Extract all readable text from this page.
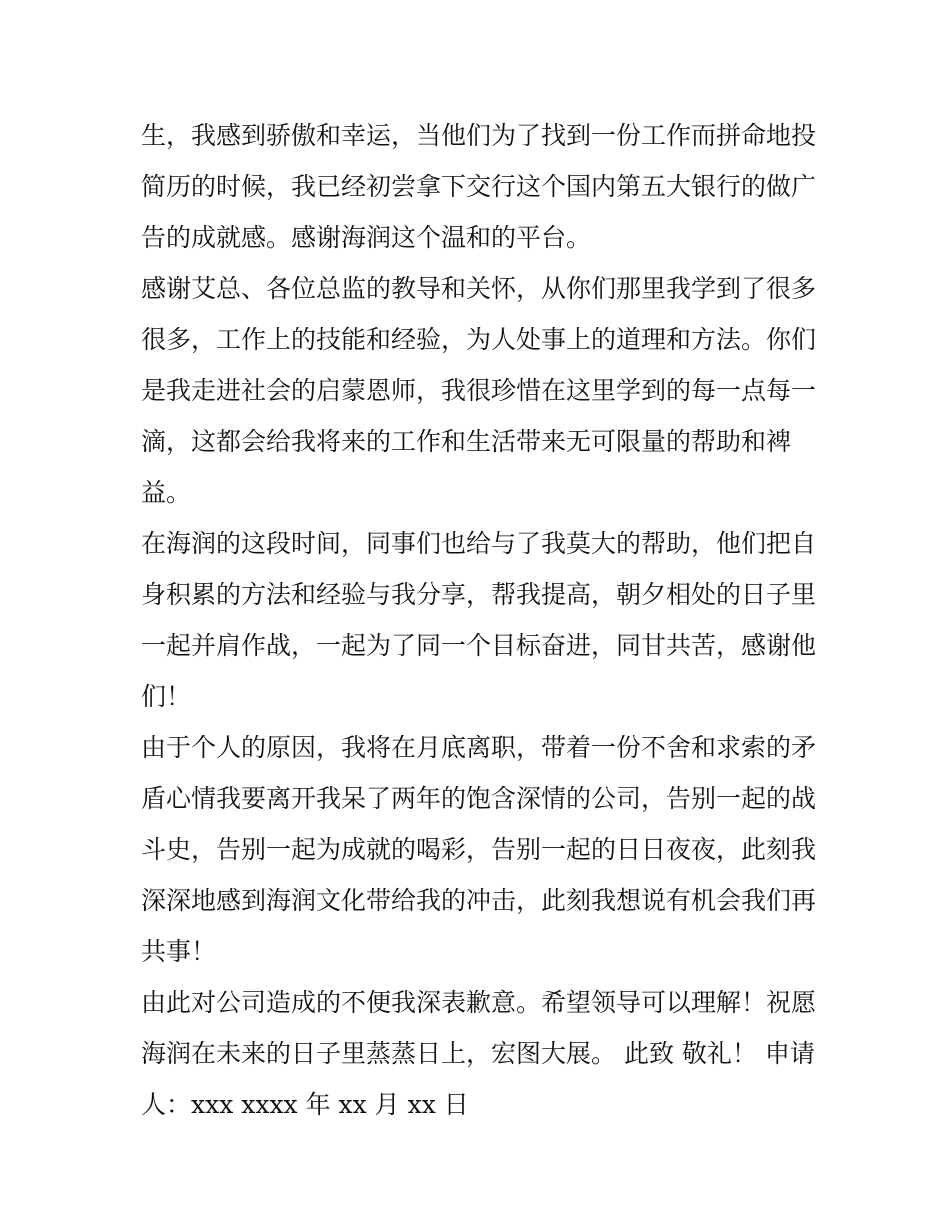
生，我感到骄傲和幸运，当他们为了找到一份工作而拼命地投
简历的时候，我已经初尝拿下交行这个国内第五大银行的做广
告的成就感。感谢海润这个温和的平台。
感谢艾总、各位总监的教导和关怀，从你们那里我学到了很多
很多，工作上的技能和经验，为人处事上的道理和方法。你们
是我走进社会的启蒙恩师，我很珍惜在这里学到的每一点每一
滴，这都会给我将来的工作和生活带来无可限量的帮助和裨
益。
在海润的这段时间，同事们也给与了我莫大的帮助，他们把自
身积累的方法和经验与我分享，帮我提高，朝夕相处的日子里
一起并肩作战，一起为了同一个目标奋进，同甘共苦，感谢他
们！
由于个人的原因，我将在月底离职，带着一份不舍和求索的矛
盾心情我要离开我呆了两年的饱含深情的公司，告别一起的战
斗史，告别一起为成就的喝彩，告别一起的日日夜夜，此刻我
深深地感到海润文化带给我的冲击，此刻我想说有机会我们再
共事！
由此对公司造成的不便我深表歉意。希望领导可以理解！祝愿
海润在未来的日子里蒸蒸日上，宏图大展。 此致 敬礼！ 申请
人：xxx xxxx 年 xx 月 xx 日
